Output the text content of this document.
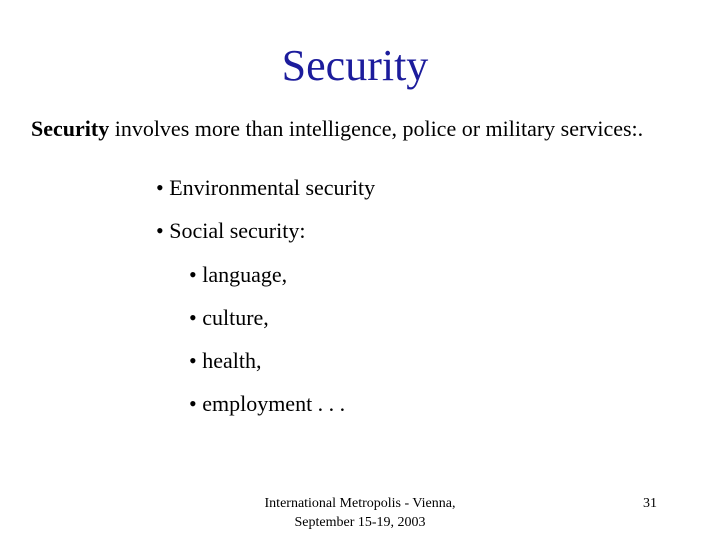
Security
Security involves more than intelligence, police or military services:.
• Environmental security
• Social security:
• language,
• culture,
• health,
• employment . . .
International Metropolis - Vienna,
September 15-19, 2003
31
